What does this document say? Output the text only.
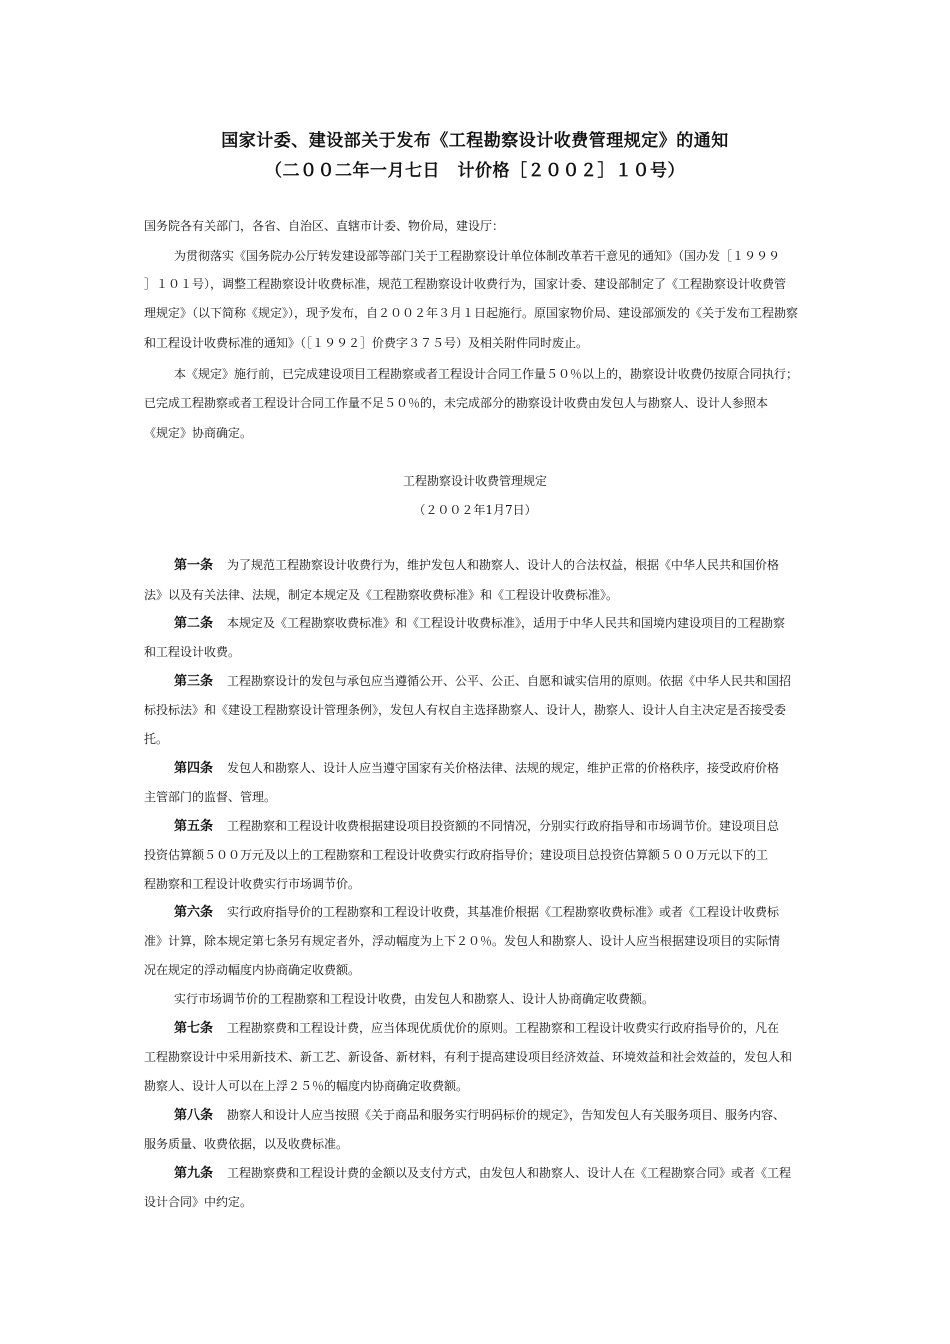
国家计委、建设部关于发布《工程勘察设计收费管理规定》的通知
（二００二年一月七日　计价格［２００２］１０号）
国务院各有关部门，各省、自治区、直辖市计委、物价局，建设厅：
为贯彻落实《国务院办公厅转发建设部等部门关于工程勘察设计单位体制改革若干意见的通知》（国办发［１９９９
］１０１号），调整工程勘察设计收费标准，规范工程勘察设计收费行为，国家计委、建设部制定了《工程勘察设计收费管
理规定》（以下简称《规定》），现予发布，自２００２年３月１日起施行。原国家物价局、建设部颁发的《关于发布工程勘察
和工程设计收费标准的通知》（［１９９２］价费字３７５号）及相关附件同时废止。
本《规定》施行前，已完成建设项目工程勘察或者工程设计合同工作量５０％以上的，勘察设计收费仍按原合同执行；
已完成工程勘察或者工程设计合同工作量不足５０％的，未完成部分的勘察设计收费由发包人与勘察人、设计人参照本
《规定》协商确定。
工程勘察设计收费管理规定
（２００２年1月7日）
第一条 为了规范工程勘察设计收费行为，维护发包人和勘察人、设计人的合法权益，根据《中华人民共和国价格
法》以及有关法律、法规，制定本规定及《工程勘察收费标准》和《工程设计收费标准》。
第二条 本规定及《工程勘察收费标准》和《工程设计收费标准》，适用于中华人民共和国境内建设项目的工程勘察
和工程设计收费。
第三条 工程勘察设计的发包与承包应当遵循公开、公平、公正、自愿和诚实信用的原则。依据《中华人民共和国招
标投标法》和《建设工程勘察设计管理条例》，发包人有权自主选择勘察人、设计人，勘察人、设计人自主决定是否接受委
托。
第四条 发包人和勘察人、设计人应当遵守国家有关价格法律、法规的规定，维护正常的价格秩序，接受政府价格
主管部门的监督、管理。
第五条 工程勘察和工程设计收费根据建设项目投资额的不同情况，分别实行政府指导和市场调节价。建设项目总
投资估算额５００万元及以上的工程勘察和工程设计收费实行政府指导价；建设项目总投资估算额５００万元以下的工
程勘察和工程设计收费实行市场调节价。
第六条 实行政府指导价的工程勘察和工程设计收费，其基准价根据《工程勘察收费标准》或者《工程设计收费标
准》计算，除本规定第七条另有规定者外，浮动幅度为上下２０％。发包人和勘察人、设计人应当根据建设项目的实际情
况在规定的浮动幅度内协商确定收费额。
实行市场调节价的工程勘察和工程设计收费，由发包人和勘察人、设计人协商确定收费额。
第七条 工程勘察费和工程设计费，应当体现优质优价的原则。工程勘察和工程设计收费实行政府指导价的，凡在
工程勘察设计中采用新技术、新工艺、新设备、新材料，有利于提高建设项目经济效益、环境效益和社会效益的，发包人和
勘察人、设计人可以在上浮２５％的幅度内协商确定收费额。
第八条 勘察人和设计人应当按照《关于商品和服务实行明码标价的规定》，告知发包人有关服务项目、服务内容、
服务质量、收费依据，以及收费标准。
第九条 工程勘察费和工程设计费的金额以及支付方式，由发包人和勘察人、设计人在《工程勘察合同》或者《工程
设计合同》中约定。
